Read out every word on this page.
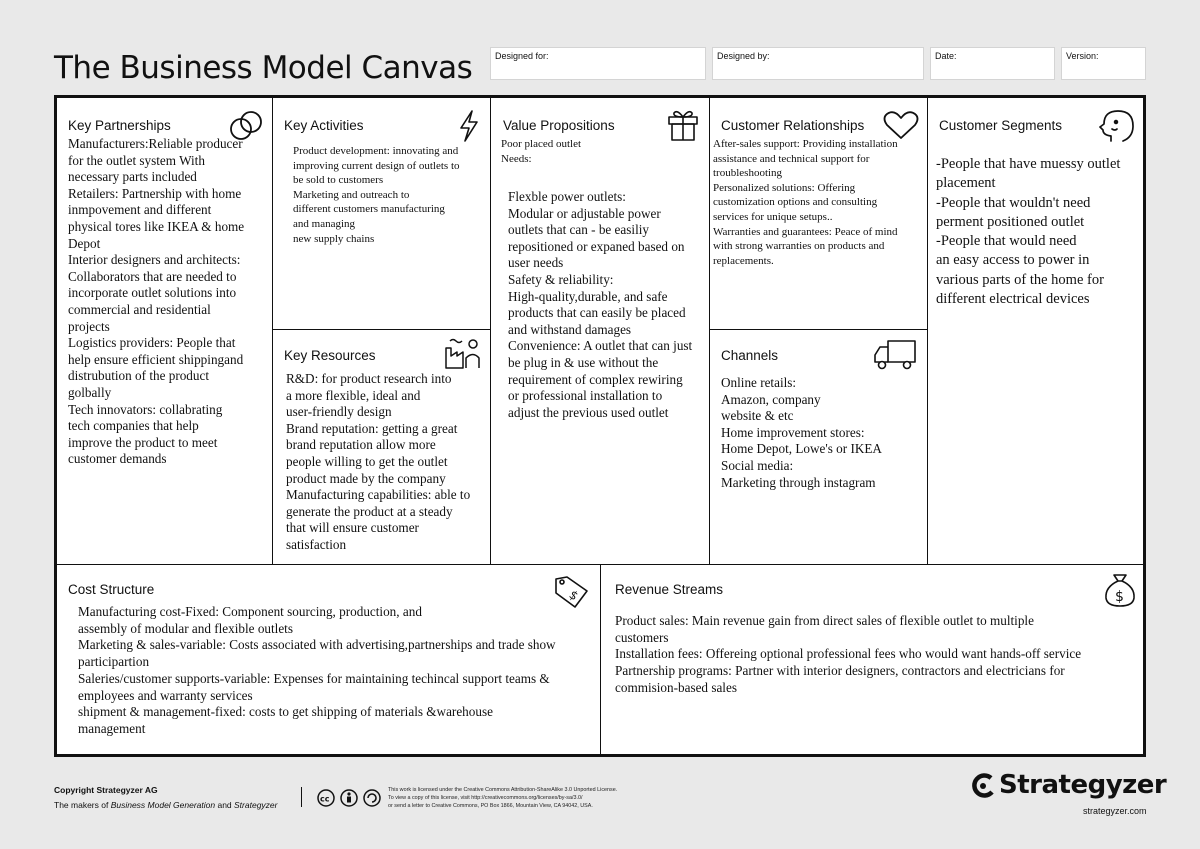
The Business Model Canvas	Designed for:	Designed by:	Date:	Version:
Key Partnerships
Manufacturers:Reliable producer
for the outlet system With
necessary parts included
Retailers: Partnership with home
inmpovement and different
physical tores like IKEA & home
Depot
Interior designers and architects:
Collaborators that are needed to
incorporate outlet solutions into
commercial and residential
projects
Logistics providers: People that
help ensure efficient shippingand
distrubution of the product
golbally
Tech innovators: collabrating
tech companies that help
improve the product to meet
customer demands
Key Activities
Product development: innovating and
improving current design of outlets to
be sold to customers
Marketing and outreach to
different customers manufacturing
and managing
new supply chains
Key Resources
R&D: for product research into
a more flexible, ideal and
user-friendly design
Brand reputation: getting a great
brand reputation allow more
people willing to get the outlet
product made by the company
Manufacturing capabilities: able to
generate the product at a steady
that will ensure customer
satisfaction
Value Propositions
Poor placed outlet
Needs:
Flexble power outlets:
Modular or adjustable power
outlets that can - be easiliy
repositioned or expaned based on
user needs
Safety & reliability:
High-quality,durable, and safe
products that can easily be placed
and withstand damages
Convenience: A outlet that can just
be plug in & use without the
requirement of complex rewiring
or professional installation to
adjust the previous used outlet
Customer Relationships
After-sales support: Providing installation
assistance and technical support for
troubleshooting
Personalized solutions: Offering
customization options and consulting
services for unique setups..
Warranties and guarantees: Peace of mind
with strong warranties on products and
replacements.
Channels
Online retails:
Amazon, company
website & etc
Home improvement stores:
Home Depot, Lowe's or IKEA
Social media:
Marketing through instagram
Customer Segments
-People that have muessy outlet
placement
-People that wouldn't need
perment positioned outlet
-People that would need
an easy access to power in
various parts of the home for
different electrical devices
Cost Structure	$
Manufacturing cost-Fixed: Component sourcing, production, and
assembly of modular and flexible outlets
Marketing & sales-variable: Costs associated with advertising,partnerships and trade show
participartion
Saleries/customer supports-variable: Expenses for maintaining techincal support teams &
employees and warranty services
shipment & management-fixed: costs to get shipping of materials &warehouse
management
Revenue Streams	$
Product sales: Main revenue gain from direct sales of flexible outlet to multiple
customers
Installation fees: Offereing optional professional fees who would want hands-off service
Partnership programs: Partner with interior designers, contractors and electricians for
commision-based sales
Copyright Strategyzer AG
The makers of Business Model Generation and Strategyzer
cc
This work is licensed under the Creative Commons Attribution-ShareAlike 3.0 Unported License.
To view a copy of this license, visit http://creativecommons.org/licenses/by-sa/3.0/
or send a letter to Creative Commons, PO Box 1866, Mountain View, CA 94042, USA.
Strategyzer
strategyzer.com
